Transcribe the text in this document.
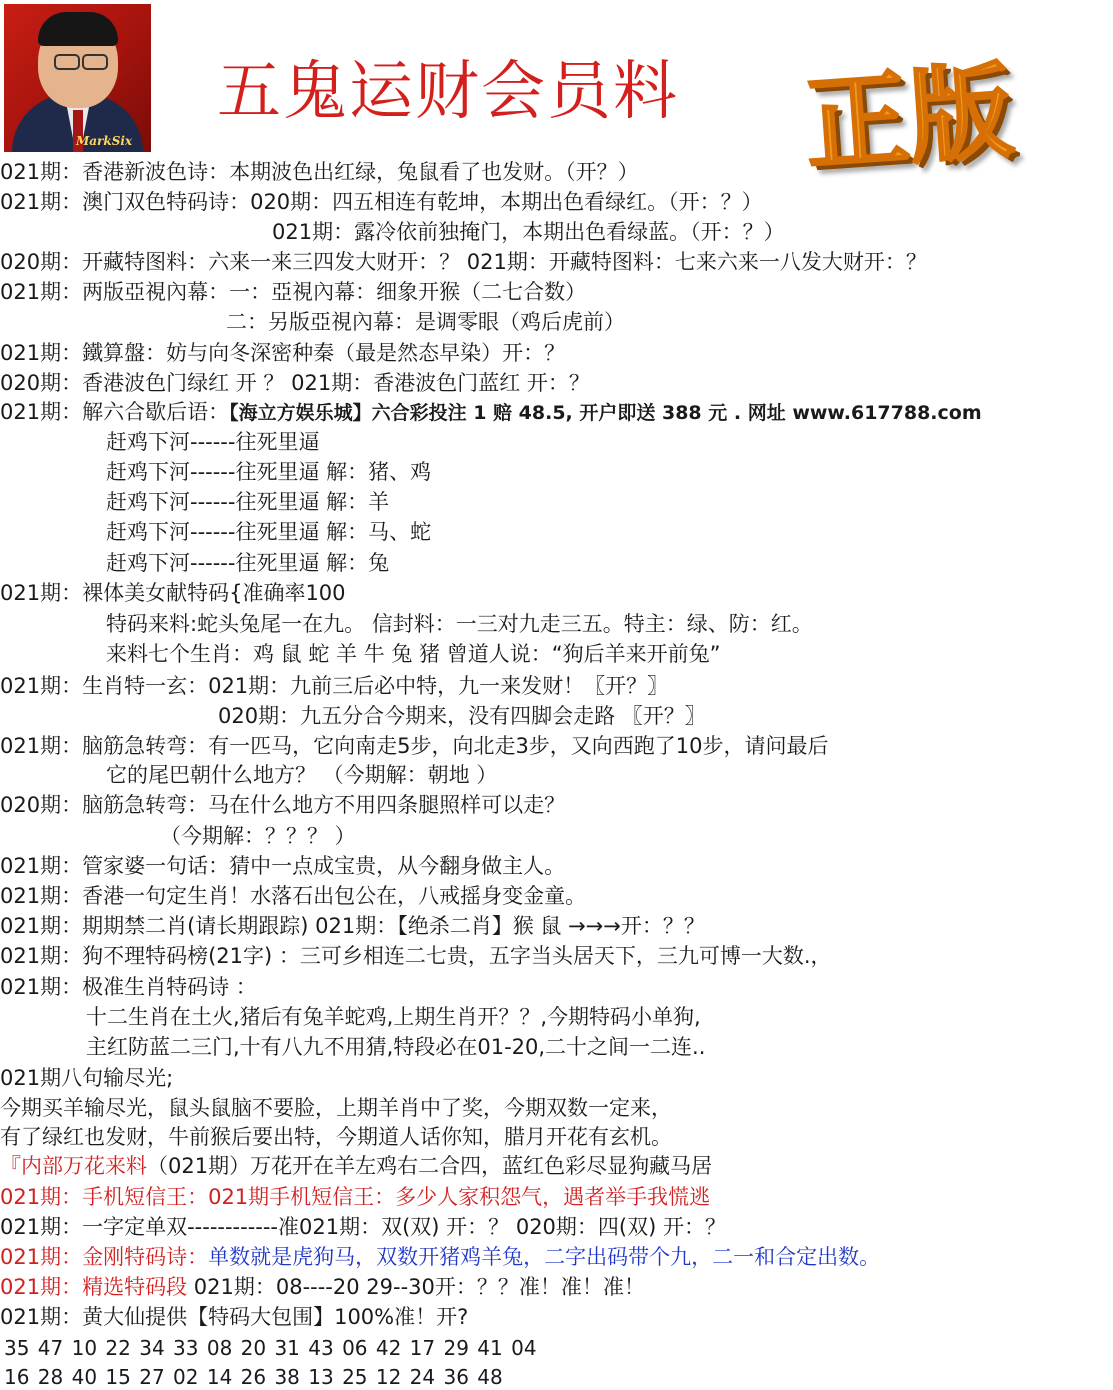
MarkSix
五鬼运财会员料 正版
021期：香港新波色诗：本期波色出红绿，兔鼠看了也发财。（开？）
021期：澳门双色特码诗：020期：四五相连有乾坤，本期出色看绿红。（开：？）
021期：露冷依前独掩门，本期出色看绿蓝。（开：？）
020期：开藏特图料：六来一来三四发大财开：？ 021期：开藏特图料：七来六来一八发大财开：？
021期：两版亞視內幕：一：亞視內幕：细象开猴（二七合数）
二：另版亞視內幕：是调零眼（鸡后虎前）
021期：鐵算盤：妨与向冬深密种秦（最是然态早染）开：？
020期：香港波色门绿红 开 ？ 021期：香港波色门蓝红 开：？
021期：解六合歇后语：【海立方娱乐城】六合彩投注 1 赔 48.5, 开户即送 388 元 . 网址 www.617788.com
赶鸡下河------往死里逼
赶鸡下河------往死里逼 解：猪、鸡
赶鸡下河------往死里逼 解：羊
赶鸡下河------往死里逼 解：马、蛇
赶鸡下河------往死里逼 解：兔
021期：裸体美女献特码{准确率100
特码来料:蛇头兔尾一在九。 信封料：一三对九走三五。特主：绿、防：红。
来料七个生肖：鸡 鼠 蛇 羊 牛 兔 猪 曾道人说：“狗后羊来开前兔”
021期：生肖特一玄：021期：九前三后必中特，九一来发财！〖开？〗
020期：九五分合今期来，没有四脚会走路 〖开？〗
021期：脑筋急转弯：有一匹马，它向南走5步，向北走3步，又向西跑了10步，请问最后
它的尾巴朝什么地方？ （今期解：朝地 ）
020期：脑筋急转弯：马在什么地方不用四条腿照样可以走？
（今期解：？？？ ）
021期：管家婆一句话：猜中一点成宝贵，从今翻身做主人。
021期：香港一句定生肖！水落石出包公在，八戒摇身变金童。
021期：期期禁二肖(请长期跟踪) 021期：【绝杀二肖】猴 鼠 →→→开：？？
021期：狗不理特码榜(21字) ：三可乡相连二七贵，五字当头居天下，三九可博一大数.，
021期：极准生肖特码诗 ：
十二生肖在土火,猪后有兔羊蛇鸡,上期生肖开？？,今期特码小单狗,
主红防蓝二三门,十有八九不用猜,特段必在01-20,二十之间一二连..
021期八句输尽光;
今期买羊输尽光，鼠头鼠脑不要脸，上期羊肖中了奖，今期双数一定来，
有了绿红也发财，牛前猴后要出特，今期道人话你知，腊月开花有玄机。
『内部万花来料（021期）万花开在羊左鸡右二合四，蓝红色彩尽显狗藏马居
021期：手机短信王：021期手机短信王：多少人家积怨气，遇者举手我慌逃
021期：一字定单双------------准021期：双(双) 开：？ 020期：四(双) 开：？
021期：金刚特码诗：单数就是虎狗马，双数开猪鸡羊兔，二字出码带个九，二一和合定出数。
021期：精选特码段 021期：08----20 29--30开：？？准！准！准！
021期：黄大仙提供【特码大包围】100%准！开?
35 47 10 22 34 33 08 20 31 43 06 42 17 29 41 04
16 28 40 15 27 02 14 26 38 13 25 12 24 36 48
